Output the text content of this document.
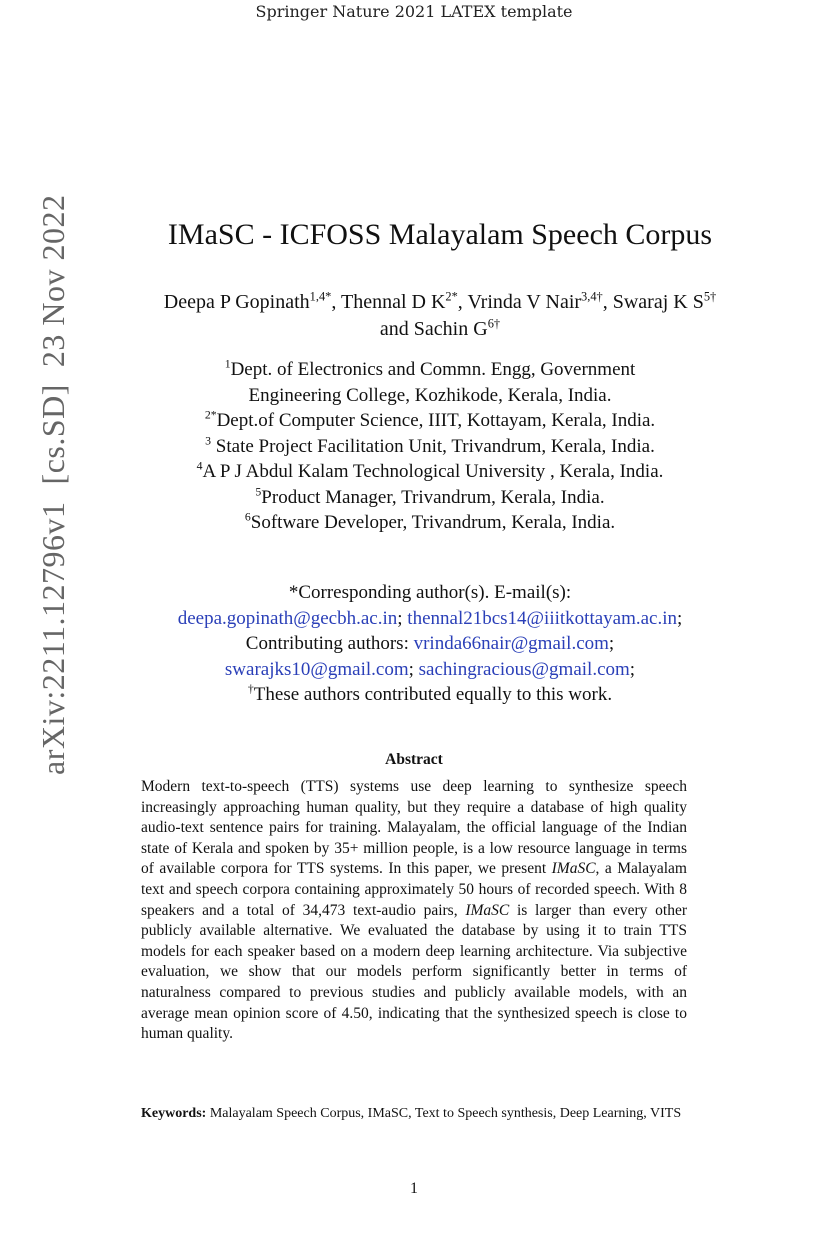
Springer Nature 2021 LATEX template
arXiv:2211.12796v1  [cs.SD]  23 Nov 2022	IMaSC - ICFOSS Malayalam Speech Corpus
Deepa P Gopinath$^{1,4*}$, Thennal D $K^{2*}$, Vrinda V Nair$^{3,4\dagger}$, Swaraj K $S^{5\dagger}$ and Sachin $G^{6\dagger}$
$^1$Dept. of Electronics and Commn. Engg, Government
Engineering College, Kozhikode, Kerala, India.
$^{2*}$Dept.of Computer Science, IIIT, Kottayam, Kerala, India.
$^3$ State Project Facilitation Unit, Trivandrum, Kerala, India.
$^4$A P J Abdul Kalam Technological University , Kerala, India.
$^5$Product Manager, Trivandrum, Kerala, India.
$^6$Software Developer, Trivandrum, Kerala, India.
*Corresponding author(s). E-mail(s):
deepa.gopinath@gecbh.ac.in; thennal21bcs14@iiitkottayam.ac.in;
Contributing authors: vrinda66nair@gmail.com;
swarajks10@gmail.com; sachingracious@gmail.com;
†These authors contributed equally to this work.
Abstract
Modern text-to-speech (TTS) systems use deep learning to synthesize speech increasingly approaching human quality, but they require a database of high quality audio-text sentence pairs for training. Malayalam, the official language of the Indian state of Kerala and spoken by 35+ million people, is a low resource language in terms of available corpora for TTS systems. In this paper, we present IMaSC, a Malayalam text and speech corpora containing approximately 50 hours of recorded speech. With 8 speakers and a total of 34,473 text-audio pairs, IMaSC is larger than every other publicly available alternative. We evaluated the database by using it to train TTS models for each speaker based on a modern deep learning architecture. Via subjective evaluation, we show that our models perform significantly better in terms of naturalness compared to previous studies and publicly available models, with an average mean opinion score of 4.50, indicating that the synthesized speech is close to human quality.
Keywords: Malayalam Speech Corpus, IMaSC, Text to Speech synthesis, Deep Learning, VITS
1
